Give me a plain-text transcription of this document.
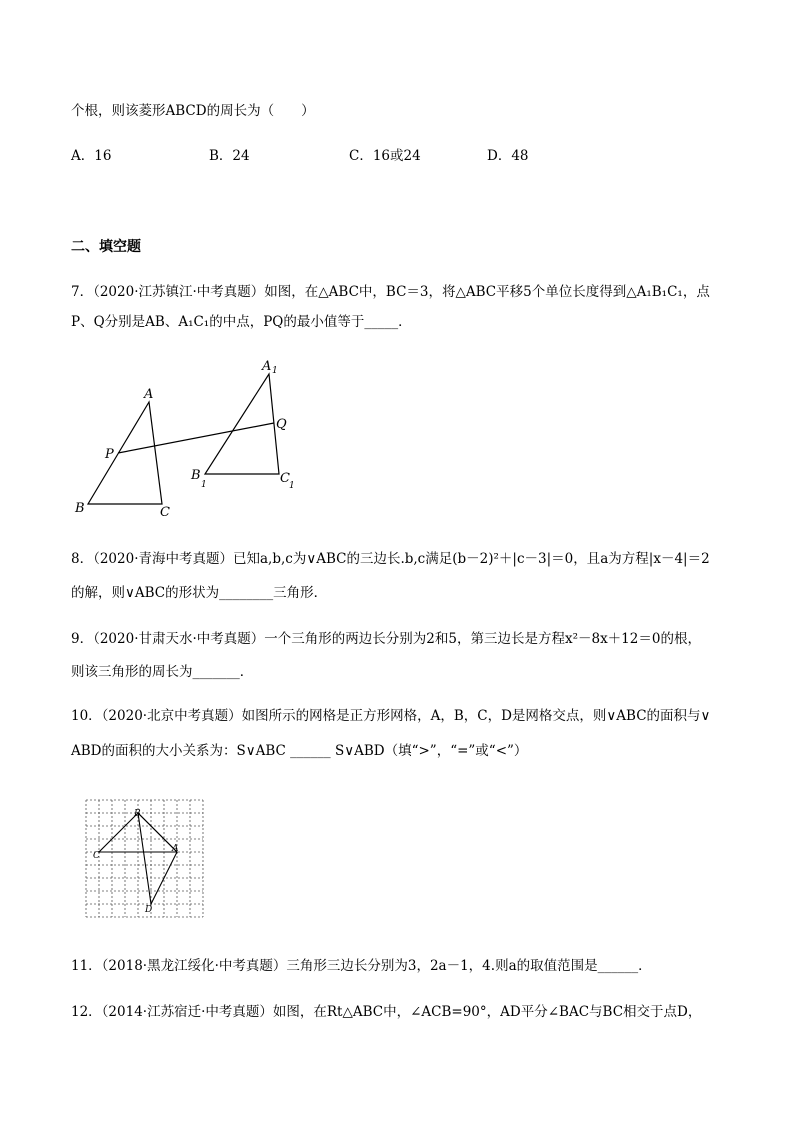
个根，则该菱形ABCD的周长为（　　）
A．16	B．24	C．16或24	D．48
二、填空题
7．（2020·江苏镇江·中考真题）如图，在△ABC中，BC＝3，将△ABC平移5个单位长度得到△A₁B₁C₁，点
P、Q分别是AB、A₁C₁的中点，PQ的最小值等于_____．
A
P
B	C
A 1
Q
B
1	C 1
8．（2020·青海中考真题）已知a,b,c为∨ABC的三边长.b,c满足(b－2)²＋|c－3|＝0，且a为方程|x－4|＝2
的解，则∨ABC的形状为________三角形．
9．（2020·甘肃天水·中考真题）一个三角形的两边长分别为2和5，第三边长是方程x²－8x＋12＝0的根，
则该三角形的周长为_______．
10．（2020·北京中考真题）如图所示的网格是正方形网格，A，B，C，D是网格交点，则∨ABC的面积与∨
ABD的面积的大小关系为：S∨ABC ______ S∨ABD（填“>”，“=”或“<”）
B
C
A
D
11．（2018·黑龙江绥化·中考真题）三角形三边长分别为3，2a－1，4.则a的取值范围是______．
12．（2014·江苏宿迁·中考真题）如图，在Rt△ABC中，∠ACB=90°，AD平分∠BAC与BC相交于点D，
